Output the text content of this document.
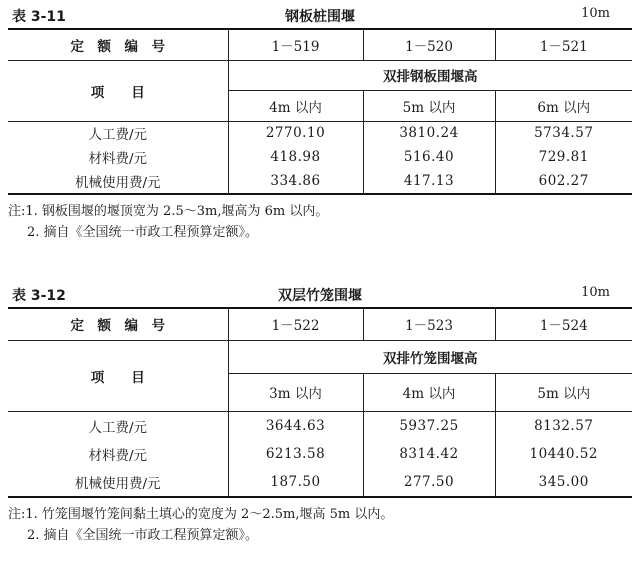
表 3-11	钢板桩围堰	10m
定　额　编　号	1－519	1－520	1－521
项　　目	双排钢板围堰高		
	4m 以内	5m 以内	6m 以内
人工费/元	2770.10	3810.24	5734.57
材料费/元	418.98	516.40	729.81
机械使用费/元	334.86	417.13	602.27
注:1. 钢板围堰的堰顶宽为 2.5～3m,堰高为 6m 以内。
2. 摘自《全国统一市政工程预算定额》。
表 3-12	双层竹笼围堰	10m
定　额　编　号	1－522	1－523	1－524
项　　目	双排竹笼围堰高		
	3m 以内	4m 以内	5m 以内
人工费/元	3644.63	5937.25	8132.57
材料费/元	6213.58	8314.42	10440.52
机械使用费/元	187.50	277.50	345.00
注:1. 竹笼围堰竹笼间黏土填心的宽度为 2～2.5m,堰高 5m 以内。
2. 摘自《全国统一市政工程预算定额》。
